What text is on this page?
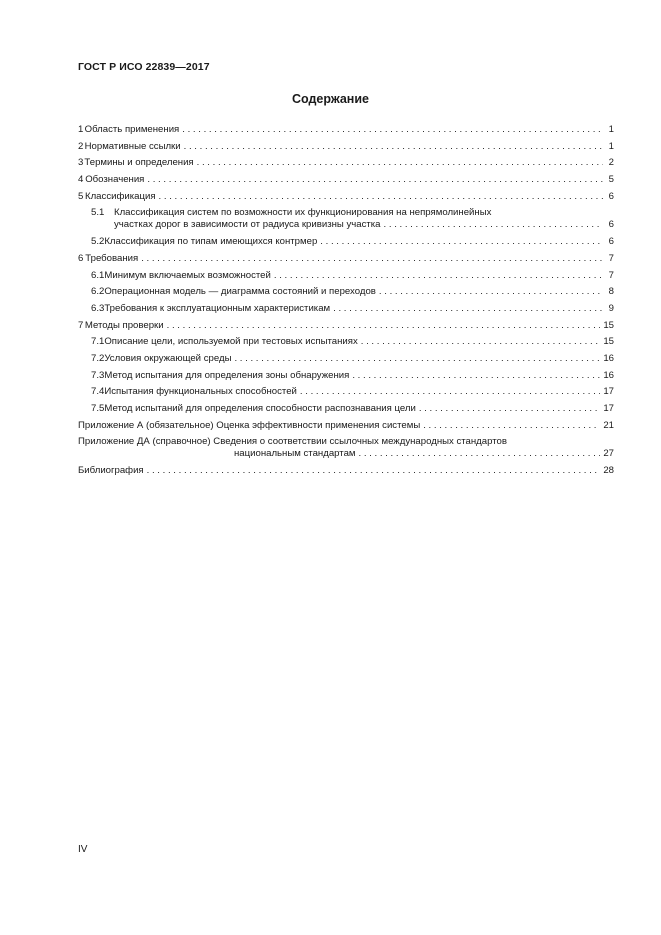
ГОСТ Р ИСО 22839—2017
Содержание
1 Область применения . . .	1
2 Нормативные ссылки . . .	1
3 Термины и определения . . .	2
4 Обозначения . . .	5
5 Классификация . . .	6
5.1 Классификация систем по возможности их функционирования на непрямолинейных
участках дорог в зависимости от радиуса кривизны участка . . .	6
5.2 Классификация по типам имеющихся контрмер . . .	6
6 Требования . . .	7
6.1 Минимум включаемых возможностей . . .	7
6.2 Операционная модель — диаграмма состояний и переходов . . .	8
6.3 Требования к эксплуатационным характеристикам . . .	9
7 Методы проверки . . .	15
7.1 Описание цели, используемой при тестовых испытаниях . . .	15
7.2 Условия окружающей среды . . .	16
7.3 Метод испытания для определения зоны обнаружения . . .	16
7.4 Испытания функциональных способностей . . .	17
7.5 Метод испытаний для определения способности распознавания цели . . .	17
Приложение А (обязательное) Оценка эффективности применения системы . . .	21
Приложение ДА (справочное) Сведения о соответствии ссылочных международных стандартов
национальным стандартам . . .	27
Библиография . . .	28
IV
